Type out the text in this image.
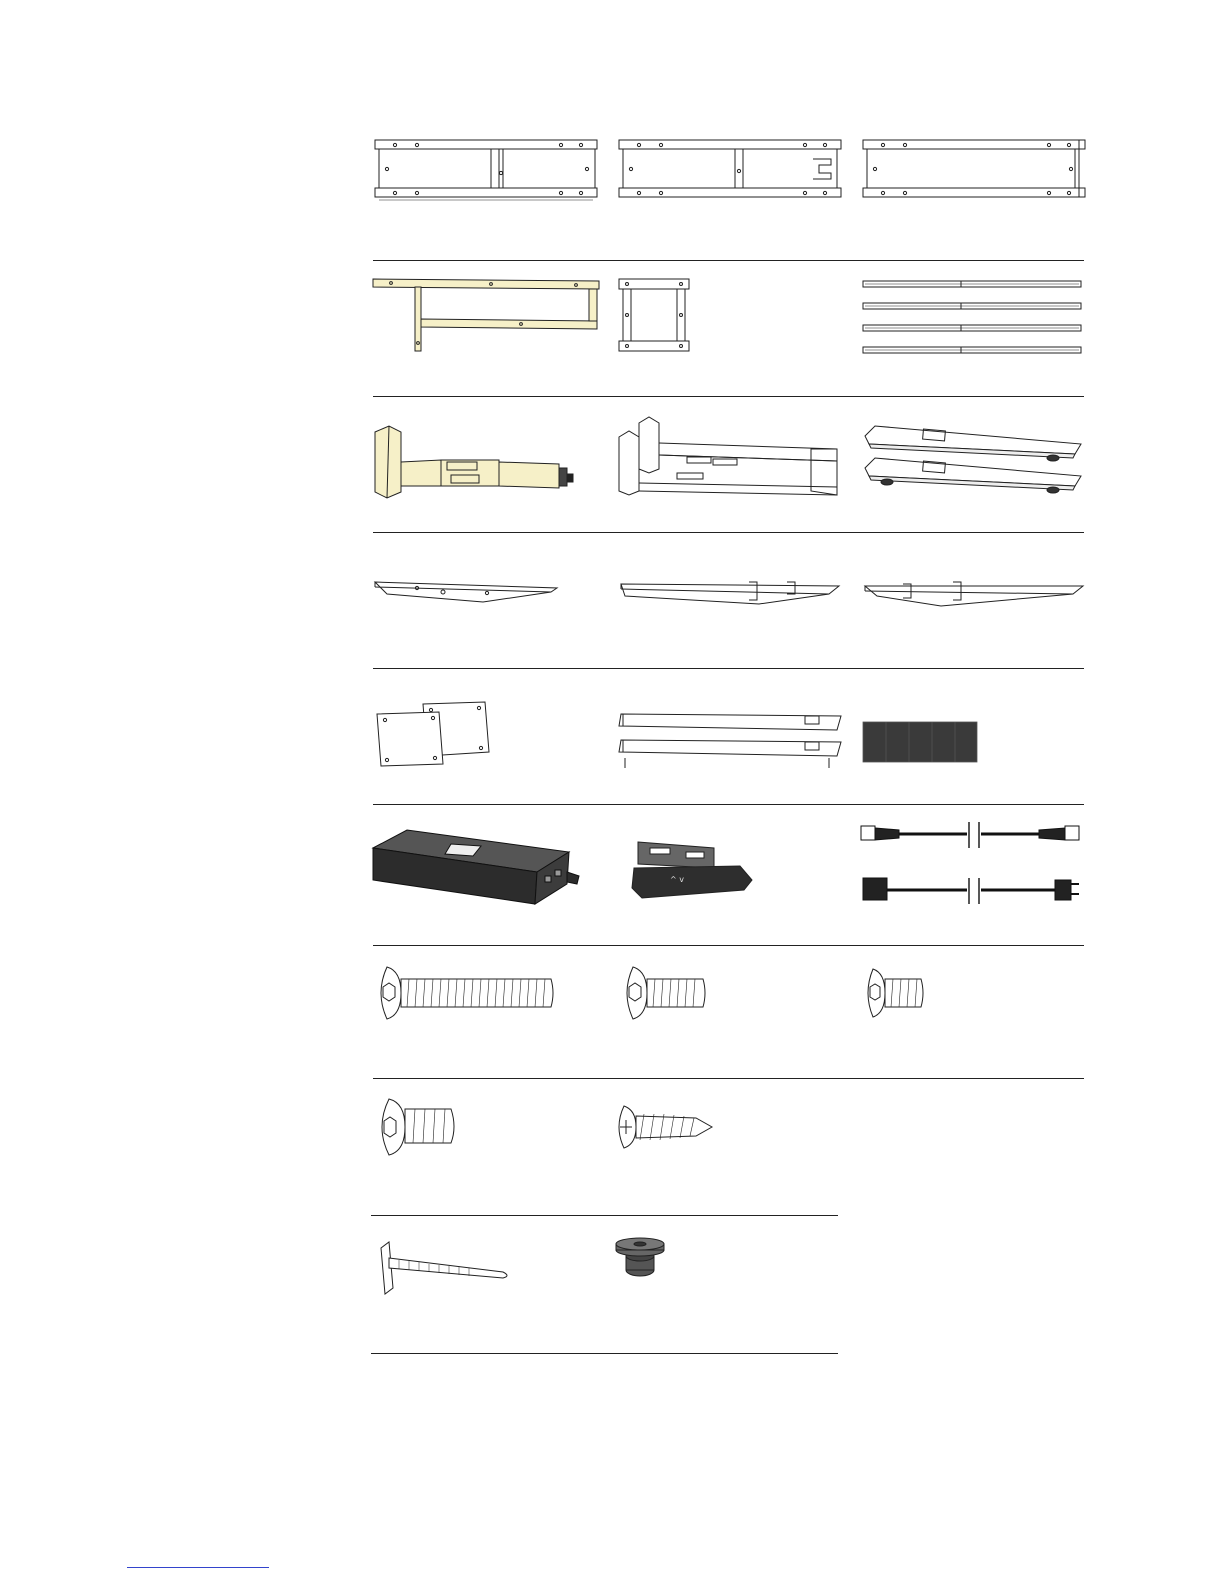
^ v
